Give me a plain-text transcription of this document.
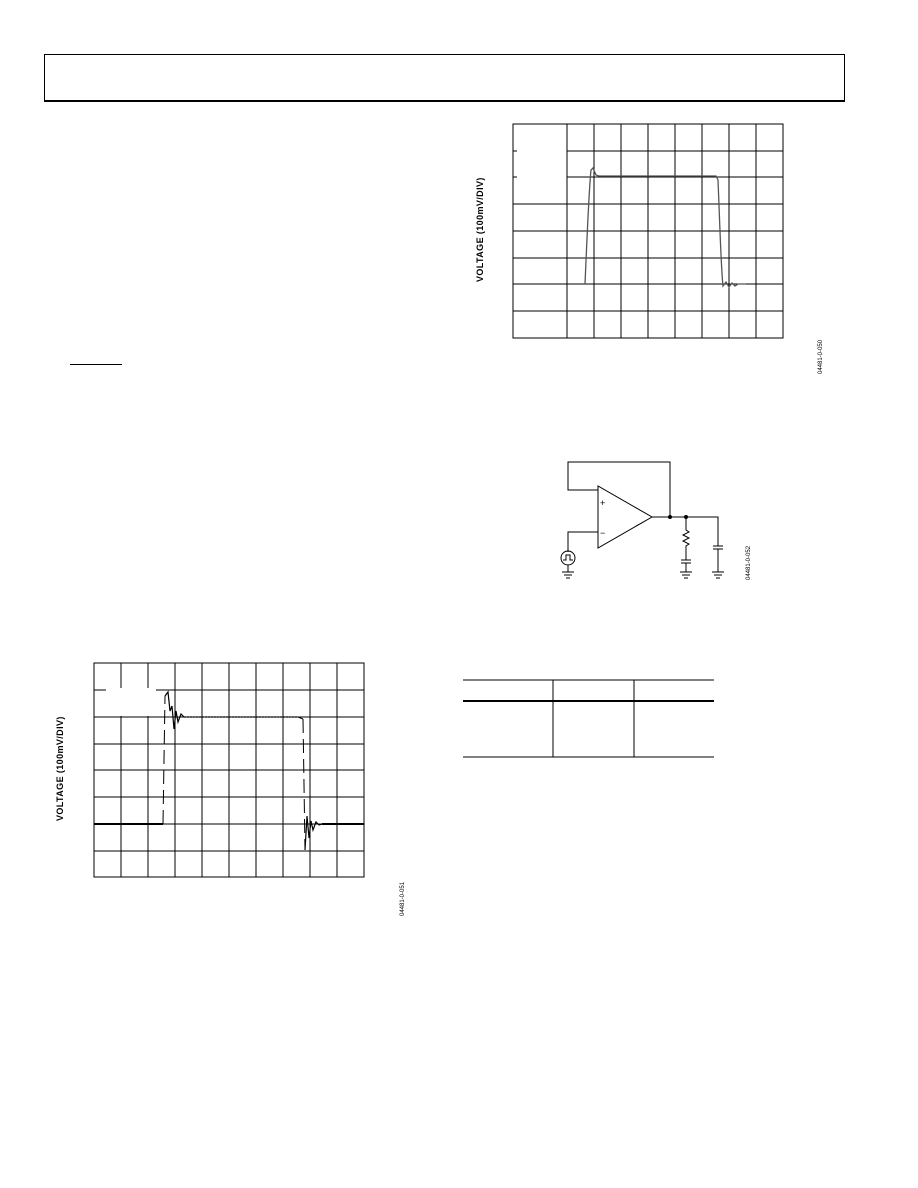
VOLTAGE (100mV/DIV)
04481-0-050
+
−
04481-0-052
VOLTAGE (100mV/DIV)
04481-0-051
